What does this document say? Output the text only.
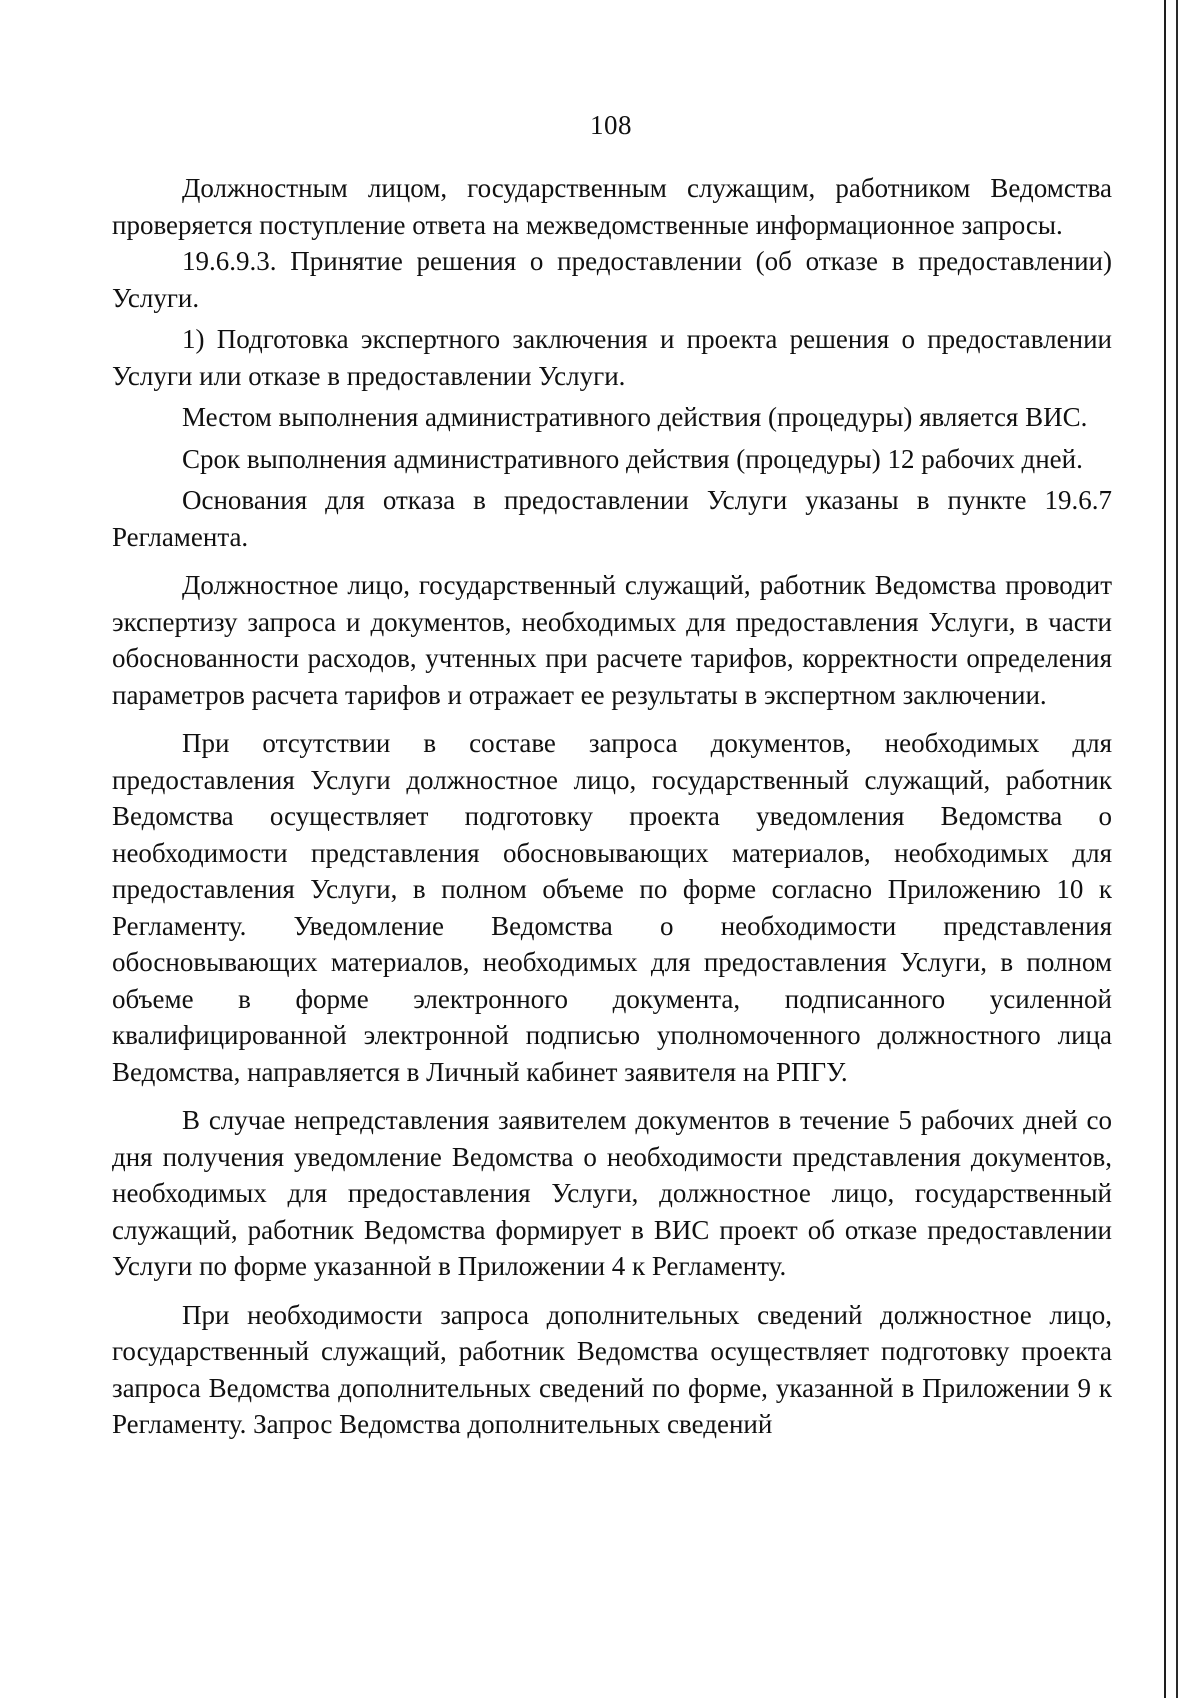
108

Должностным лицом, государственным служащим, работником Ведомства проверяется поступление ответа на межведомственные информационное запросы.

19.6.9.3. Принятие решения о предоставлении (об отказе в предоставлении) Услуги.

1) Подготовка экспертного заключения и проекта решения о предоставлении Услуги или отказе в предоставлении Услуги.

Местом выполнения административного действия (процедуры) является ВИС.

Срок выполнения административного действия (процедуры) 12 рабочих дней.

Основания для отказа в предоставлении Услуги указаны в пункте 19.6.7 Регламента.

Должностное лицо, государственный служащий, работник Ведомства проводит экспертизу запроса и документов, необходимых для предоставления Услуги, в части обоснованности расходов, учтенных при расчете тарифов, корректности определения параметров расчета тарифов и отражает ее результаты в экспертном заключении.

При отсутствии в составе запроса документов, необходимых для предоставления Услуги должностное лицо, государственный служащий, работник Ведомства осуществляет подготовку проекта уведомления Ведомства о необходимости представления обосновывающих материалов, необходимых для предоставления Услуги, в полном объеме по форме согласно Приложению 10 к Регламенту. Уведомление Ведомства о необходимости представления обосновывающих материалов, необходимых для предоставления Услуги, в полном объеме в форме электронного документа, подписанного усиленной квалифицированной электронной подписью уполномоченного должностного лица Ведомства, направляется в Личный кабинет заявителя на РПГУ.

В случае непредставления заявителем документов в течение 5 рабочих дней со дня получения уведомление Ведомства о необходимости представления документов, необходимых для предоставления Услуги, должностное лицо, государственный служащий, работник Ведомства формирует в ВИС проект об отказе предоставлении Услуги по форме указанной в Приложении 4 к Регламенту.

При необходимости запроса дополнительных сведений должностное лицо, государственный служащий, работник Ведомства осуществляет подготовку проекта запроса Ведомства дополнительных сведений по форме, указанной в Приложении 9 к Регламенту. Запрос Ведомства дополнительных сведений
